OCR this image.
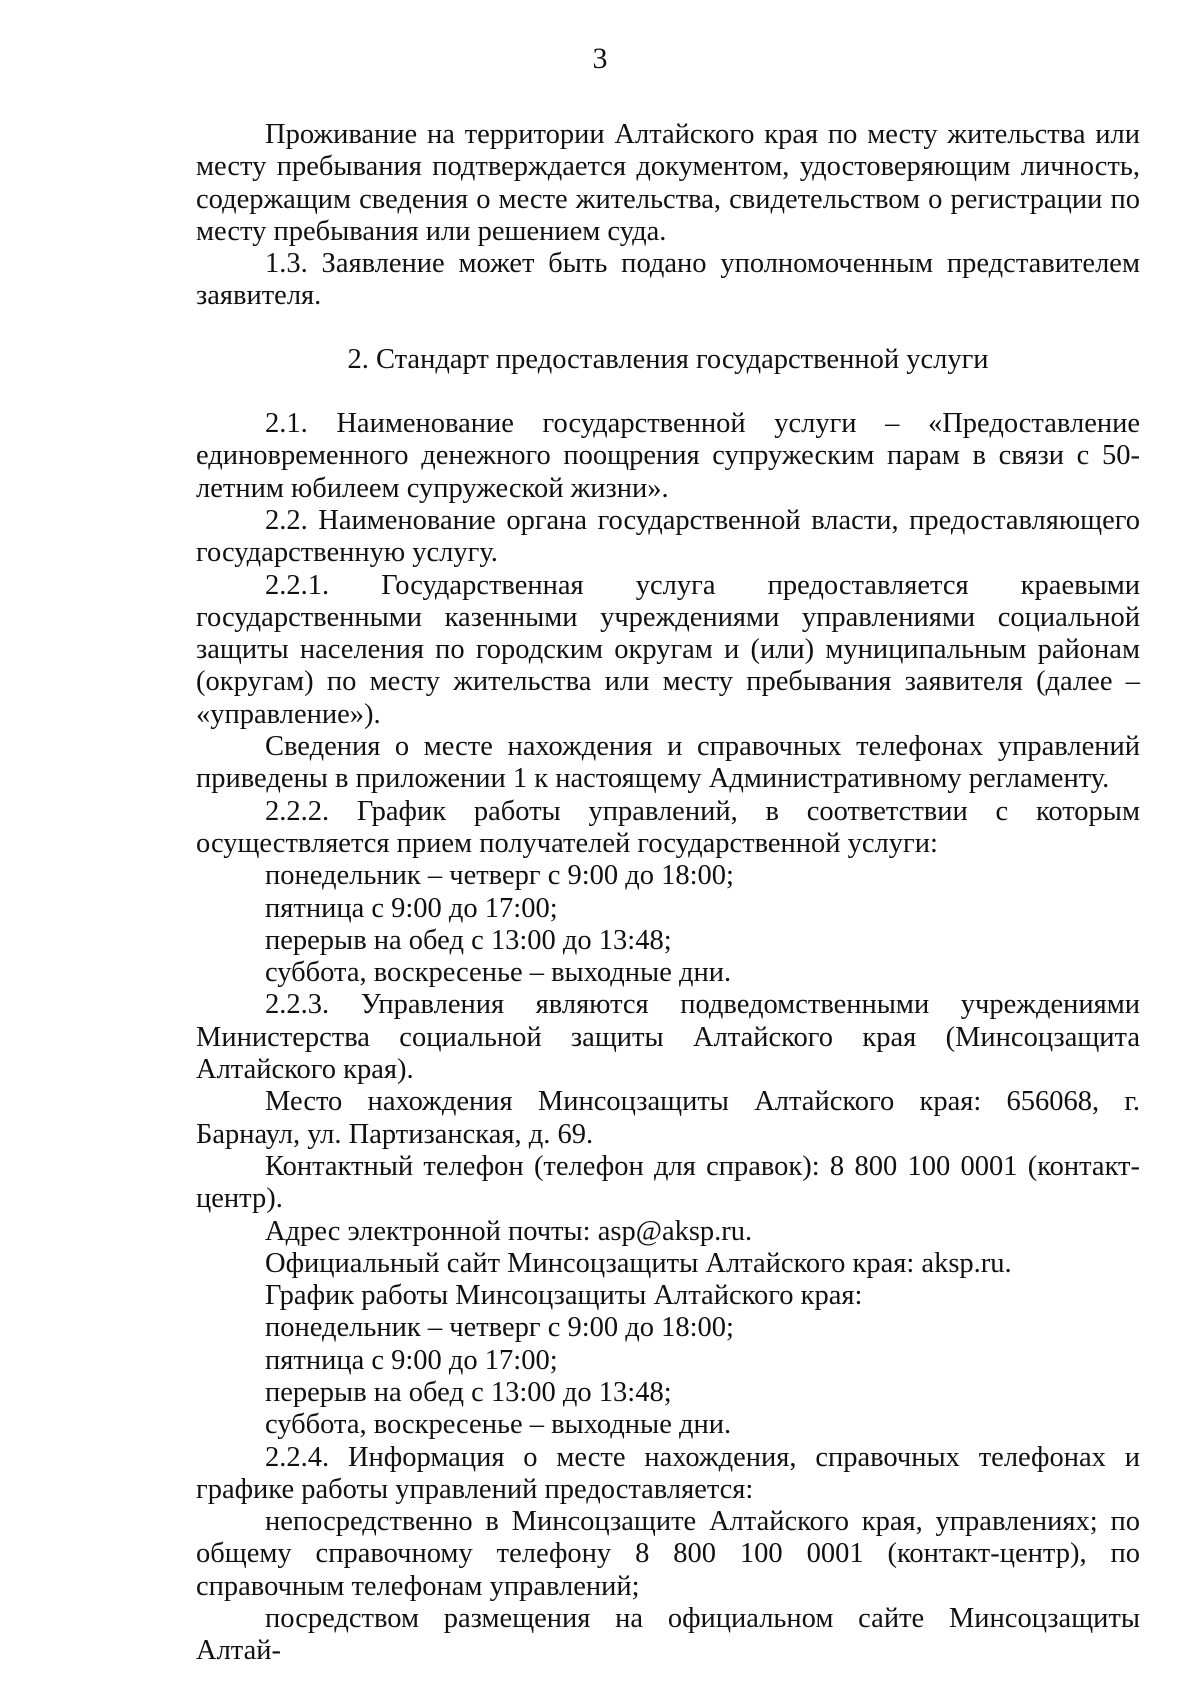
3

Проживание на территории Алтайского края по месту жительства или месту пребывания подтверждается документом, удостоверяющим личность, содержащим сведения о месте жительства, свидетельством о регистрации по месту пребывания или решением суда.

1.3. Заявление может быть подано уполномоченным представителем заявителя.

2. Стандарт предоставления государственной услуги

2.1. Наименование государственной услуги – «Предоставление единовременного денежного поощрения супружеским парам в связи с 50-летним юбилеем супружеской жизни».

2.2. Наименование органа государственной власти, предоставляющего государственную услугу.

2.2.1. Государственная услуга предоставляется краевыми государственными казенными учреждениями управлениями социальной защиты населения по городским округам и (или) муниципальным районам (округам) по месту жительства или месту пребывания заявителя (далее – «управление»).

Сведения о месте нахождения и справочных телефонах управлений приведены в приложении 1 к настоящему Административному регламенту.

2.2.2. График работы управлений, в соответствии с которым осуществляется прием получателей государственной услуги:

понедельник – четверг с 9:00 до 18:00;

пятница с 9:00 до 17:00;

перерыв на обед с 13:00 до 13:48;

суббота, воскресенье – выходные дни.

2.2.3. Управления являются подведомственными учреждениями Министерства социальной защиты Алтайского края (Минсоцзащита Алтайского края).

Место нахождения Минсоцзащиты Алтайского края: 656068, г. Барнаул, ул. Партизанская, д. 69.

Контактный телефон (телефон для справок): 8 800 100 0001 (контакт-центр).

Адрес электронной почты: asp@aksp.ru.

Официальный сайт Минсоцзащиты Алтайского края: aksp.ru.

График работы Минсоцзащиты Алтайского края:

понедельник – четверг с 9:00 до 18:00;

пятница с 9:00 до 17:00;

перерыв на обед с 13:00 до 13:48;

суббота, воскресенье – выходные дни.

2.2.4. Информация о месте нахождения, справочных телефонах и графике работы управлений предоставляется:

непосредственно в Минсоцзащите Алтайского края, управлениях; по общему справочному телефону 8 800 100 0001 (контакт-центр), по справочным телефонам управлений;

посредством размещения на официальном сайте Минсоцзащиты Алтай-
